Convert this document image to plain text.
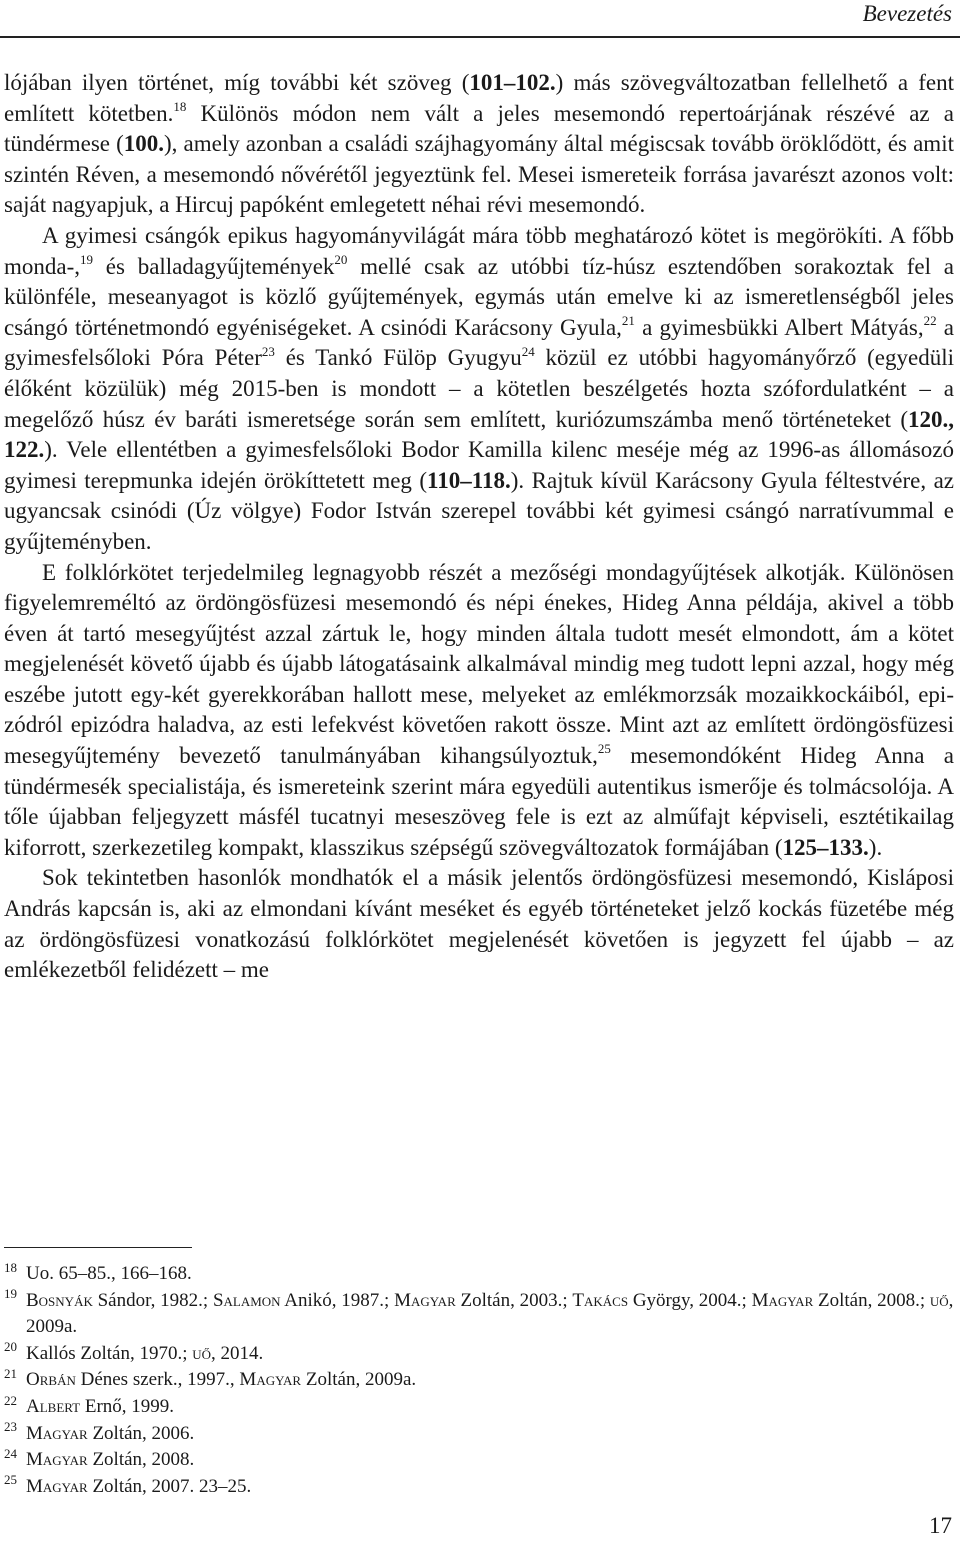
Bevezetés

lójában ilyen történet, míg további két szöveg (101–102.) más szövegváltozatban fellelhető a fent említett kötetben.$^{18}$ Különös módon nem vált a jeles mesemondó repertoárjának részévé az a tündérmese (100.), amely azonban a családi szájhagyomány által mégiscsak tovább öröklődött, és amit szintén Réven, a mesemondó nővérétől jegyeztünk fel. Mesei ismereteik forrása javarészt azonos volt: saját nagyapjuk, a Hircuj papóként emlegetett néhai révi mesemondó.

A gyimesi csángók epikus hagyományvilágát mára több meghatározó kötet is megörökíti. A főbb monda-,$^{19}$ és balladagyűjtemények$^{20}$ mellé csak az utóbbi tíz-húsz esztendőben sorakoztak fel a különféle, meseanyagot is közlő gyűjtemények, egymás után emelve ki az ismeretlenségből jeles csángó történetmondó egyéniségeket. A csinódi Karácsony Gyula,$^{21}$ a gyimesbükki Albert Mátyás,$^{22}$ a gyimesfelsőloki Póra Péter$^{23}$ és Tankó Fülöp Gyugyu$^{24}$ közül ez utóbbi hagyományőrző (egyedüli élőként közülük) még 2015-ben is mondott – a kötetlen beszélgetés hozta szófordulatként – a megelőző húsz év baráti ismeretsége során sem említett, kuriózumszámba menő történeteket (120., 122.). Vele ellentétben a gyimesfelsőloki Bodor Kamilla kilenc meséje még az 1996-as állomásozó gyimesi terepmunka idején örökíttetett meg (110–118.). Rajtuk kívül Karácsony Gyula féltestvére, az ugyancsak csinódi (Úz völgye) Fodor István szerepel további két gyimesi csángó narratívummal e gyűjteményben.

E folklórkötet terjedelmileg legnagyobb részét a mezőségi mondagyűjtések alkotják. Különösen figyelemreméltó az ördöngösfüzesi mesemondó és népi énekes, Hideg Anna példája, akivel a több éven át tartó mesegyűjtést azzal zártuk le, hogy minden általa tudott mesét elmondott, ám a kötet megjelenését követő újabb és újabb látogatásaink alkalmával mindig meg tudott lepni azzal, hogy még eszébe jutott egy-két gyerekkorában hallott mese, melyeket az emlékmorzsák mozaikkockáiból, epizódról epizódra haladva, az esti lefekvést követően rakott össze. Mint azt az említett ördöngösfüzesi mesegyűjtemény bevezető tanulmányában kihangsúlyoztuk,$^{25}$ mesemondóként Hideg Anna a tündérmesék specialistája, és ismereteink szerint mára egyedüli autentikus ismerője és tolmácsolója. A tőle újabban feljegyzett másfél tucatnyi meseszöveg fele is ezt az alműfajt képviseli, esztétikailag kiforrott, szerkezetileg kompakt, klasszikus szépségű szövegváltozatok formájában (125–133.).

Sok tekintetben hasonlók mondhatók el a másik jelentős ördöngösfüzesi mesemondó, Kisláposi András kapcsán is, aki az elmondani kívánt meséket és egyéb történeteket jelző kockás füzetébe még az ördöngösfüzesi vonatkozású folklórkötet megjelenését követően is jegyzett fel újabb – az emlékezetből felidézett – me

18 Uo. 65–85., 166–168.

19 Bosnyák Sándor, 1982.; Salamon Anikó, 1987.; Magyar Zoltán, 2003.; Takács György, 2004.; Magyar Zoltán, 2008.; uő, 2009a.

20 Kallós Zoltán, 1970.; uő, 2014.

21 Orbán Dénes szerk., 1997., Magyar Zoltán, 2009a.

22 Albert Ernő, 1999.

23 Magyar Zoltán, 2006.

24 Magyar Zoltán, 2008.

25 Magyar Zoltán, 2007. 23–25.

17
